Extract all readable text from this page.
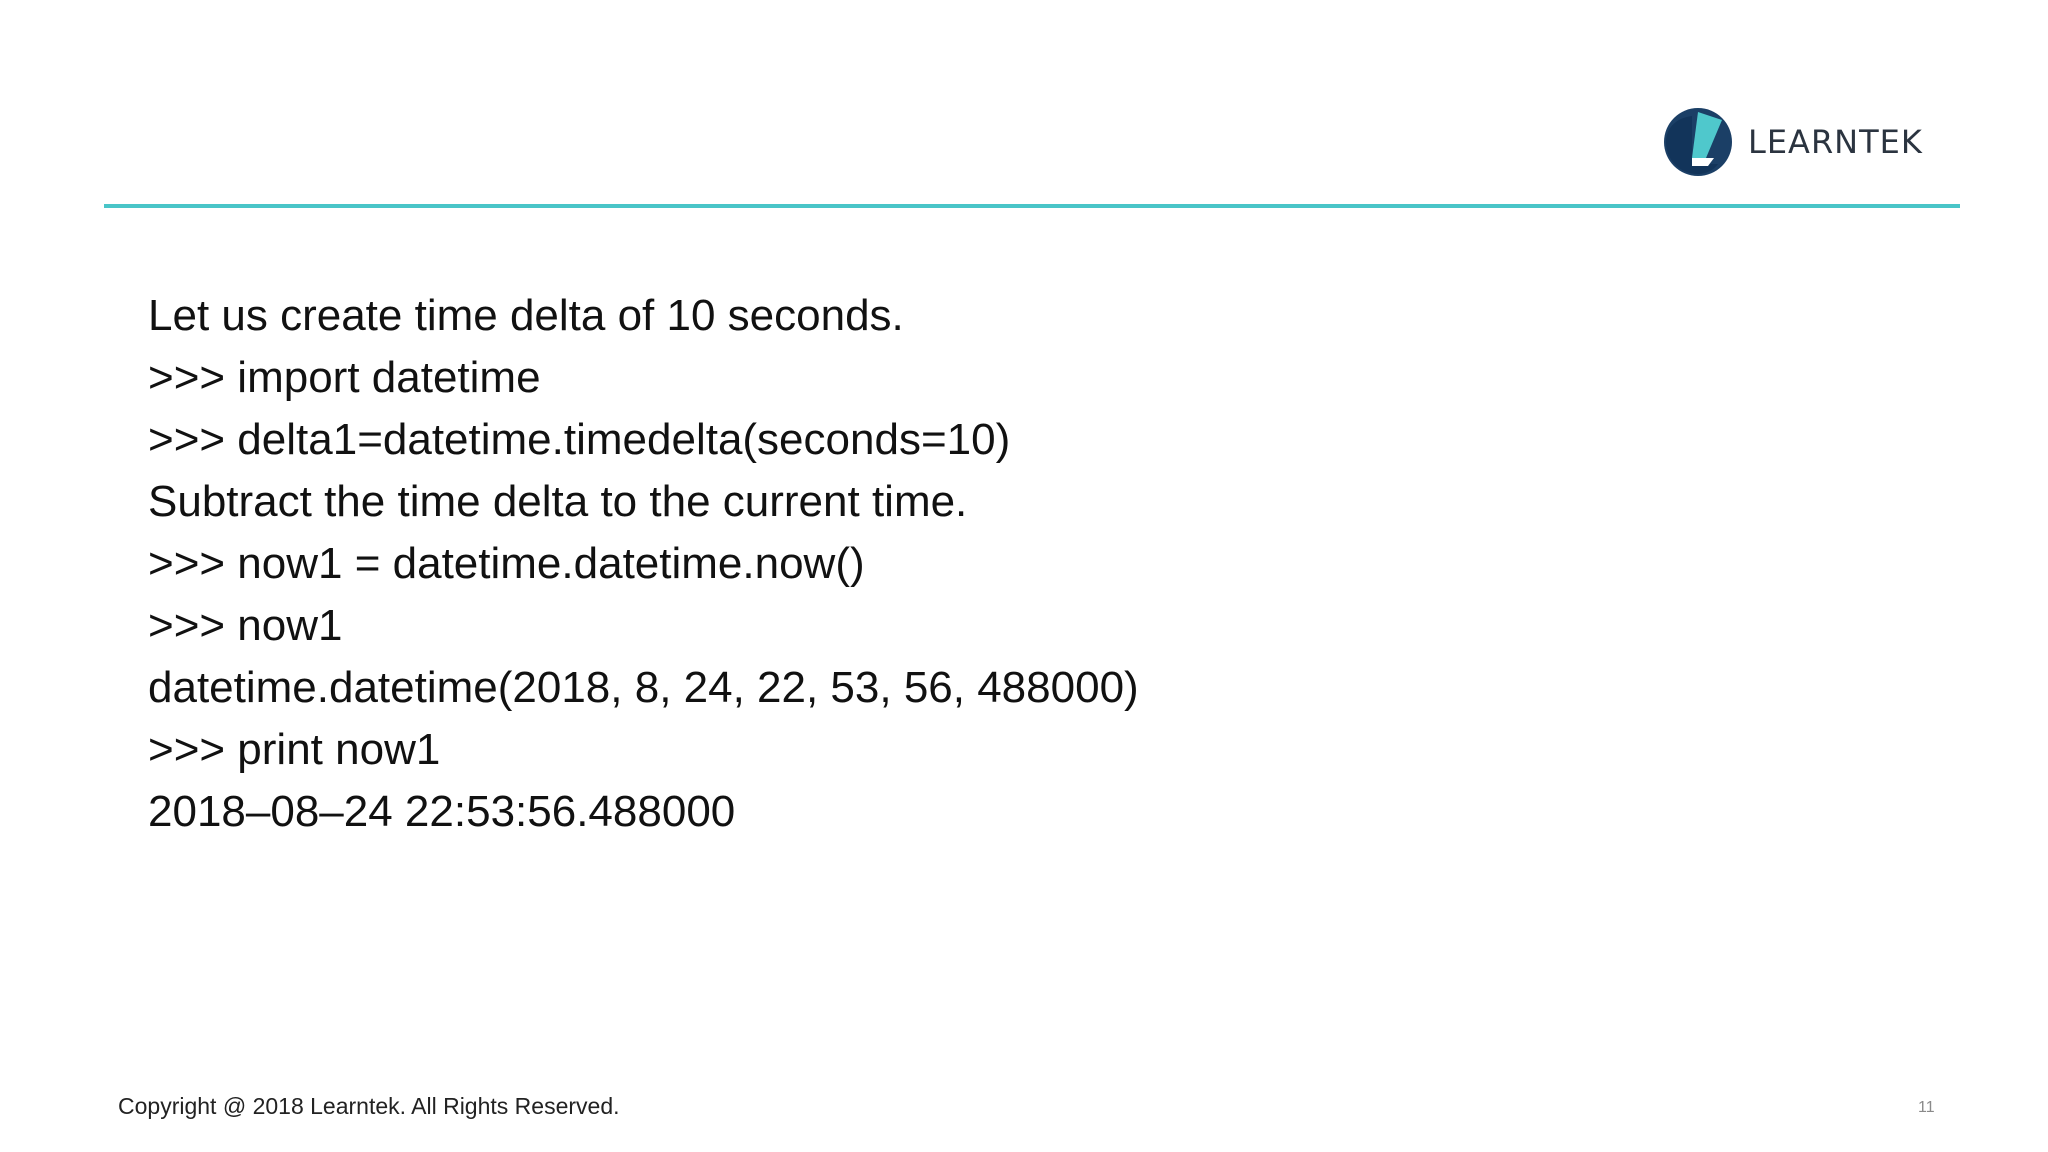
LEARNTEK
Let us create time delta of 10 seconds.
>>> import datetime
>>> delta1=datetime.timedelta(seconds=10)
Subtract the time delta to the current time.
>>> now1 = datetime.datetime.now()
>>> now1
datetime.datetime(2018, 8, 24, 22, 53, 56, 488000)
>>> print now1
2018–08–24 22:53:56.488000
Copyright @ 2018 Learntek. All Rights Reserved.	11
